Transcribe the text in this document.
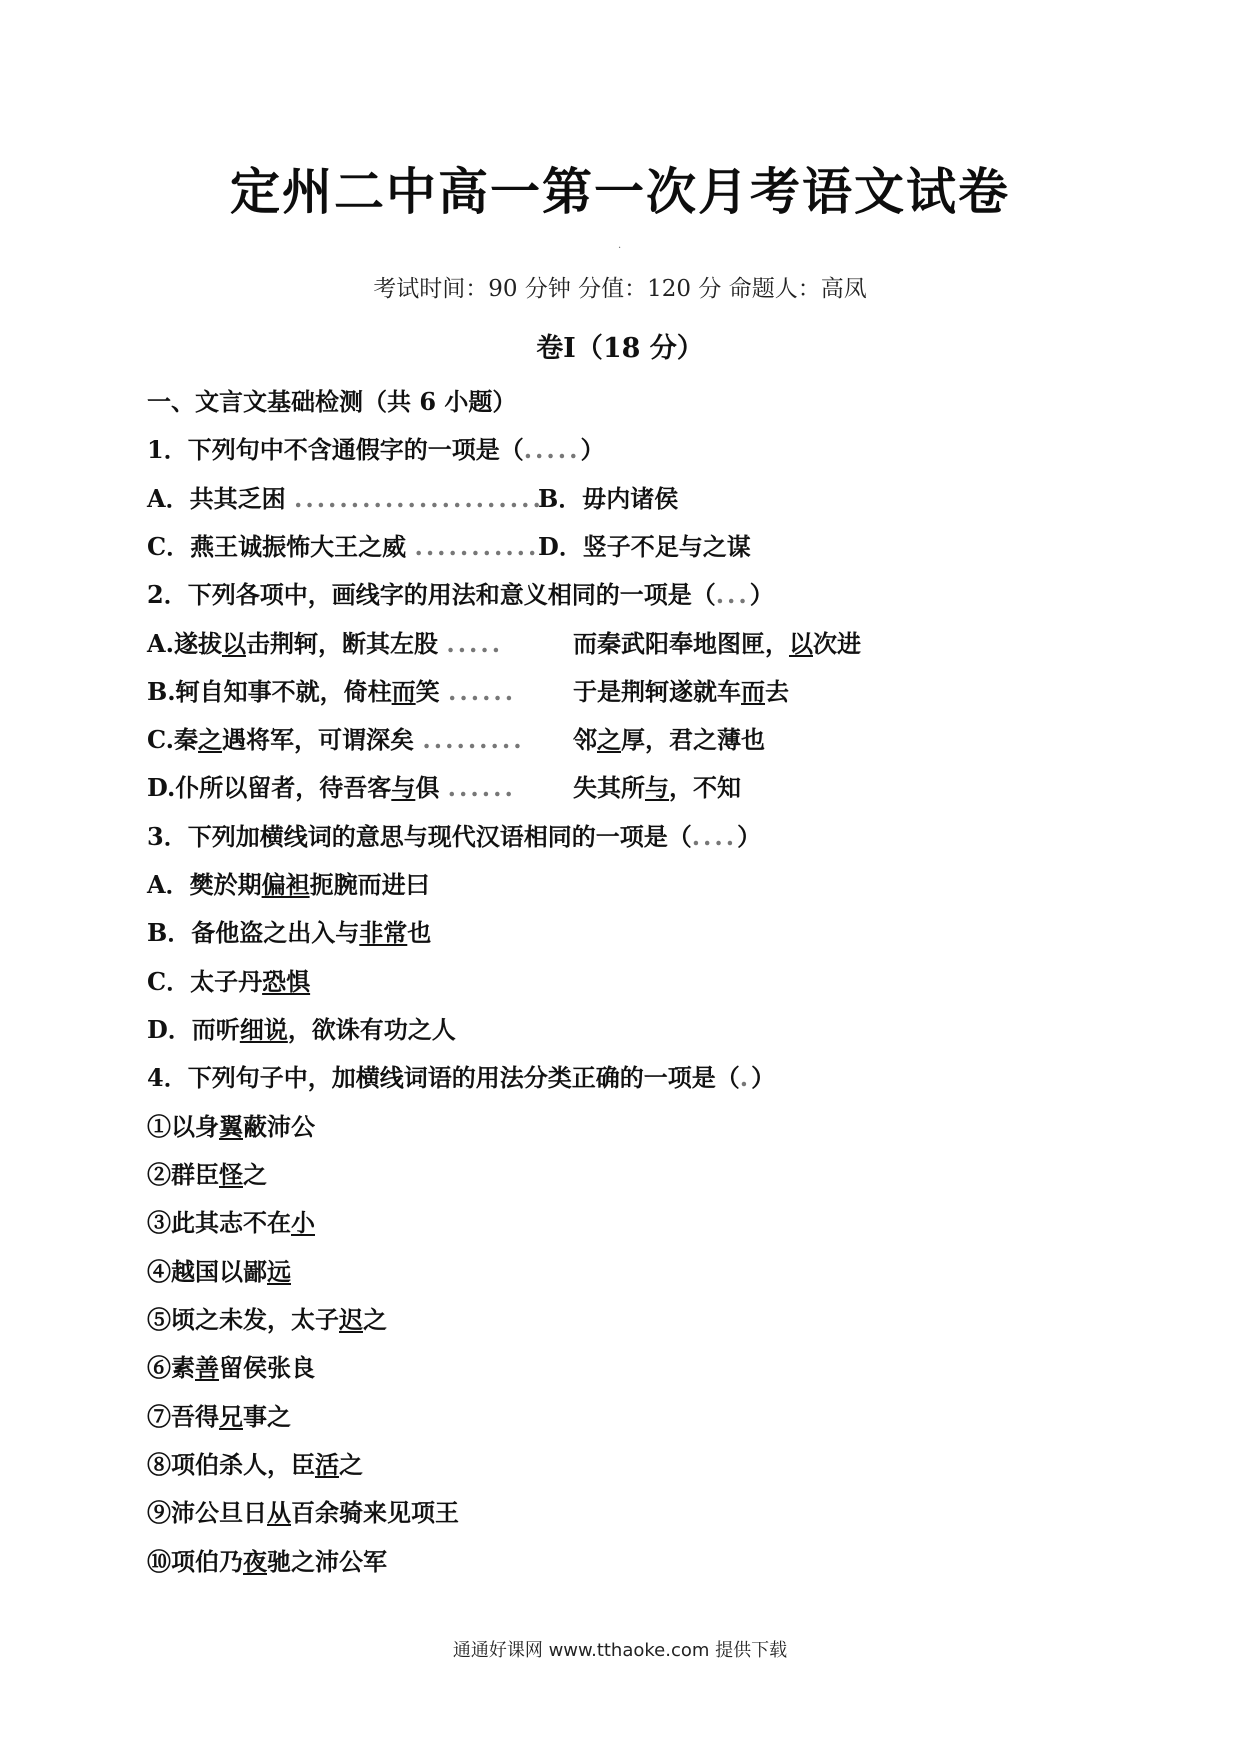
定州二中高一第一次月考语文试卷
.
考试时间：90 分钟 分值：120 分 命题人：高凤
卷Ⅰ（18 分）
一、文言文基础检测（共 6 小题）
1．下列句中不含通假字的一项是（.....）
A．共其乏困 ......................
B．毋内诸侯
C．燕王诚振怖大王之威 ...........
D．竖子不足与之谋
2．下列各项中，画线字的用法和意义相同的一项是（...）
A.遂拔以击荆轲，断其左股 .....	而秦武阳奉地图匣，以次进
B.轲自知事不就，倚柱而笑 ...... 于是荆轲遂就车而去
C.秦之遇将军，可谓深矣 ......... 邻之厚，君之薄也
D.仆所以留者，待吾客与俱 ...... 失其所与，不知
3．下列加横线词的意思与现代汉语相同的一项是（....）
A．樊於期偏袒扼腕而进曰
B．备他盗之出入与非常也
C．太子丹恐惧
D．而听细说，欲诛有功之人
4．下列句子中，加横线词语的用法分类正确的一项是（.）
①以身翼蔽沛公
②群臣怪之
③此其志不在小
④越国以鄙远
⑤顷之未发，太子迟之
⑥素善留侯张良
⑦吾得兄事之
⑧项伯杀人，臣活之
⑨沛公旦日从百余骑来见项王
⑩项伯乃夜驰之沛公军
通通好课网 www.tthaoke.com 提供下载
